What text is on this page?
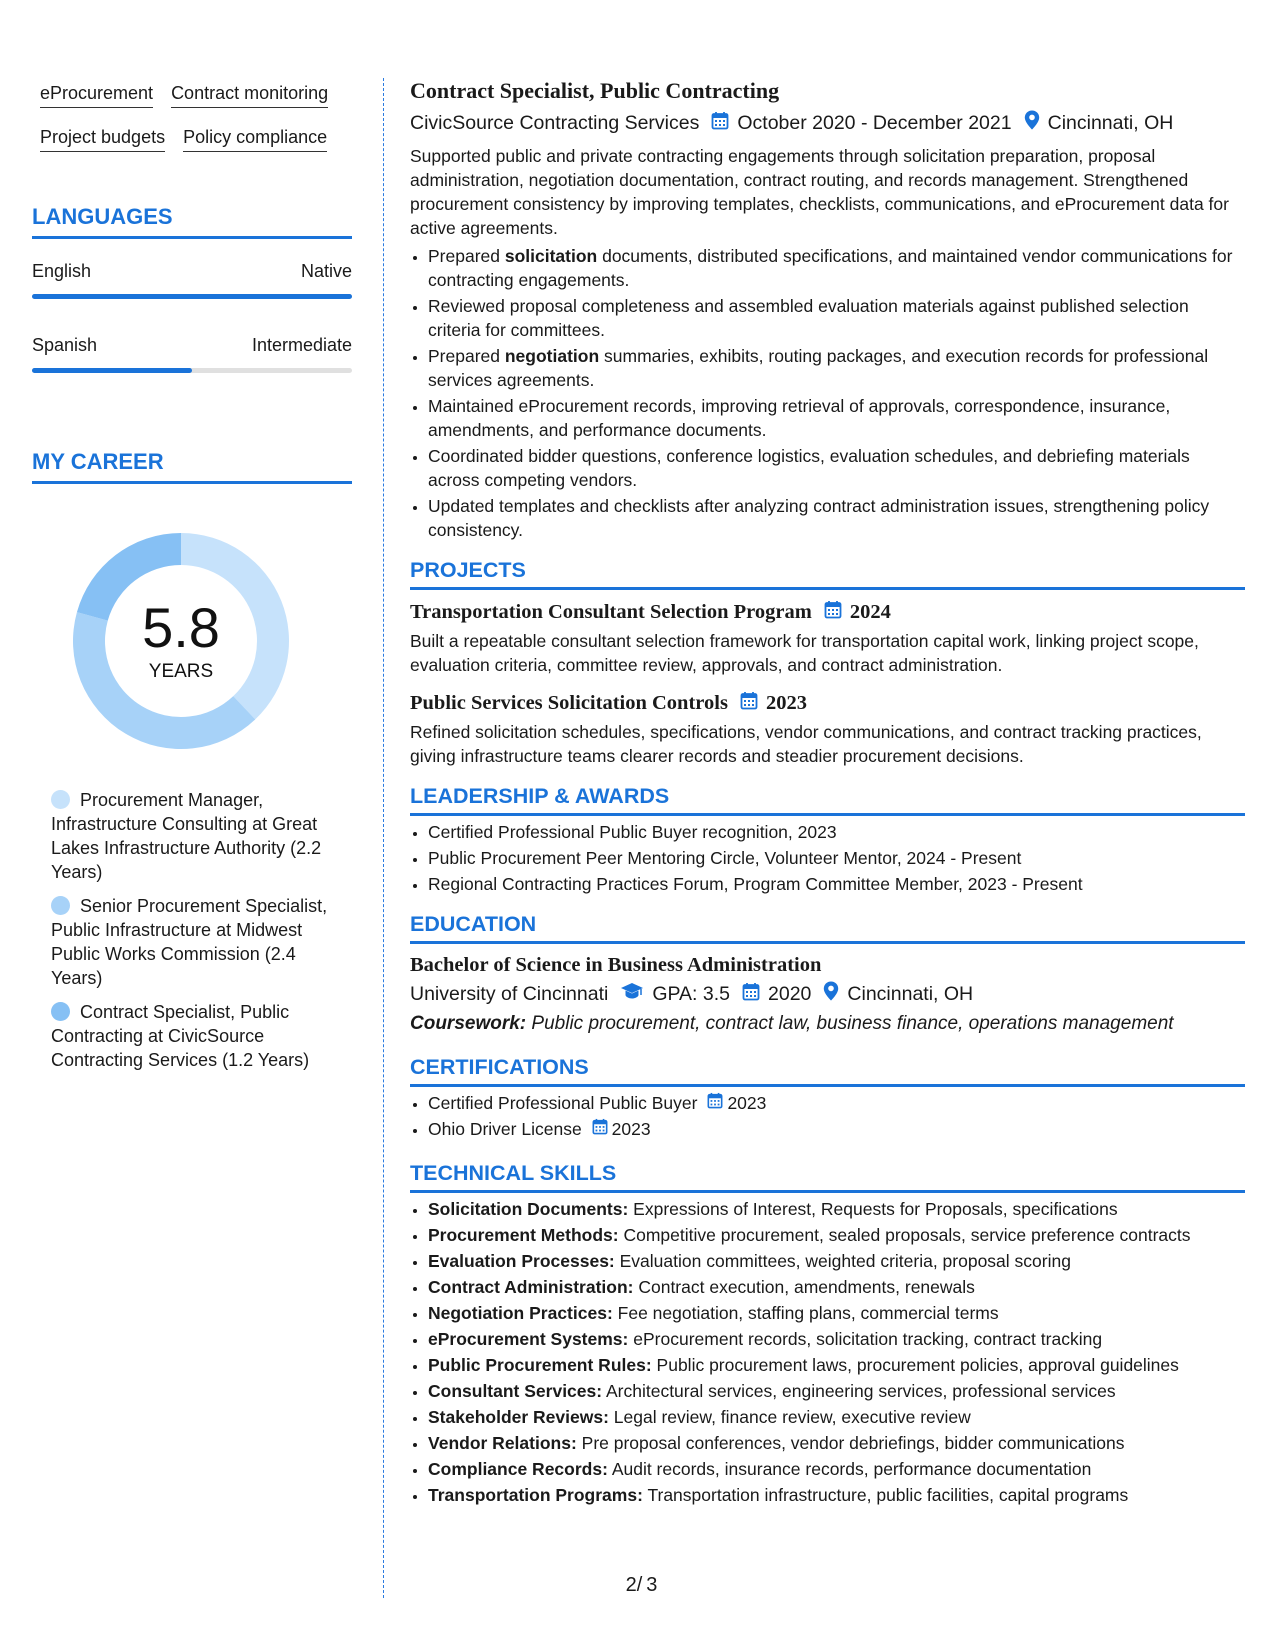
eProcurement Contract monitoring
Project budgets Policy compliance
LANGUAGES
English	Native
Spanish	Intermediate
MY CAREER
5.8
YEARS
Procurement Manager, Infrastructure Consulting at Great Lakes Infrastructure Authority (2.2 Years)
Senior Procurement Specialist, Public Infrastructure at Midwest Public Works Commission (2.4 Years)
Contract Specialist, Public Contracting at CivicSource Contracting Services (1.2 Years)
Contract Specialist, Public Contracting
CivicSource Contracting Services October 2020 - December 2021 Cincinnati, OH
Supported public and private contracting engagements through solicitation preparation, proposal administration, negotiation documentation, contract routing, and records management. Strengthened procurement consistency by improving templates, checklists, communications, and eProcurement data for active agreements.
• Prepared solicitation documents, distributed specifications, and maintained vendor communications for contracting engagements.
• Reviewed proposal completeness and assembled evaluation materials against published selection criteria for committees.
• Prepared negotiation summaries, exhibits, routing packages, and execution records for professional services agreements.
• Maintained eProcurement records, improving retrieval of approvals, correspondence, insurance, amendments, and performance documents.
• Coordinated bidder questions, conference logistics, evaluation schedules, and debriefing materials across competing vendors.
• Updated templates and checklists after analyzing contract administration issues, strengthening policy consistency.
PROJECTS
Transportation Consultant Selection Program 2024
Built a repeatable consultant selection framework for transportation capital work, linking project scope, evaluation criteria, committee review, approvals, and contract administration.
Public Services Solicitation Controls 2023
Refined solicitation schedules, specifications, vendor communications, and contract tracking practices, giving infrastructure teams clearer records and steadier procurement decisions.
LEADERSHIP & AWARDS
• Certified Professional Public Buyer recognition, 2023
• Public Procurement Peer Mentoring Circle, Volunteer Mentor, 2024 - Present
• Regional Contracting Practices Forum, Program Committee Member, 2023 - Present
EDUCATION
Bachelor of Science in Business Administration
University of Cincinnati GPA: 3.5 2020 Cincinnati, OH
Coursework: Public procurement, contract law, business finance, operations management
CERTIFICATIONS
• Certified Professional Public Buyer 2023
• Ohio Driver License 2023
TECHNICAL SKILLS
• Solicitation Documents: Expressions of Interest, Requests for Proposals, specifications
• Procurement Methods: Competitive procurement, sealed proposals, service preference contracts
• Evaluation Processes: Evaluation committees, weighted criteria, proposal scoring
• Contract Administration: Contract execution, amendments, renewals
• Negotiation Practices: Fee negotiation, staffing plans, commercial terms
• eProcurement Systems: eProcurement records, solicitation tracking, contract tracking
• Public Procurement Rules: Public procurement laws, procurement policies, approval guidelines
• Consultant Services: Architectural services, engineering services, professional services
• Stakeholder Reviews: Legal review, finance review, executive review
• Vendor Relations: Pre proposal conferences, vendor debriefings, bidder communications
• Compliance Records: Audit records, insurance records, performance documentation
• Transportation Programs: Transportation infrastructure, public facilities, capital programs
2/ 3
